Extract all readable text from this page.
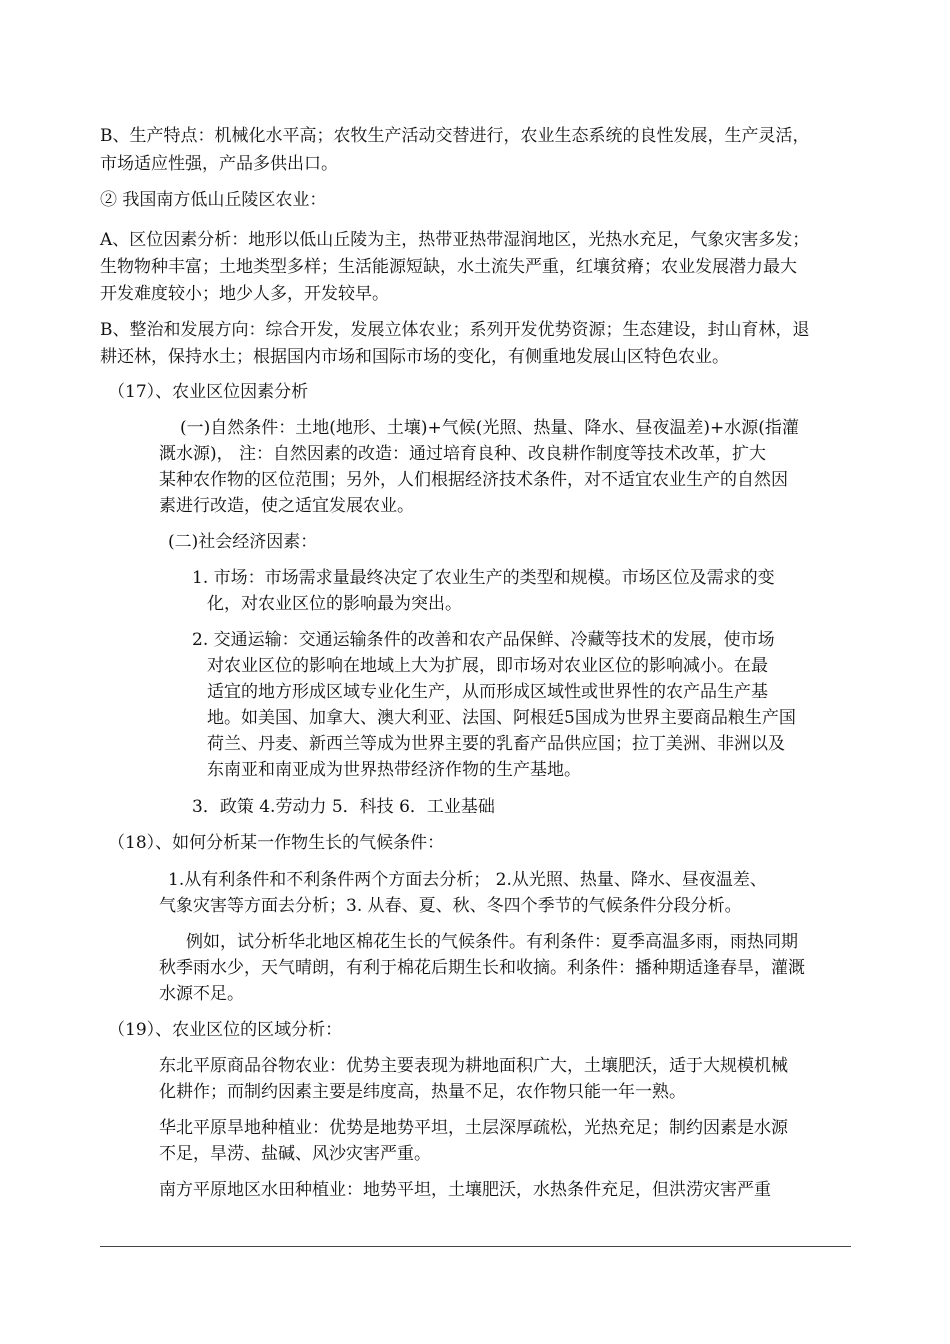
B、生产特点：机械化水平高；农牧生产活动交替进行，农业生态系统的良性发展，生产灵活，
市场适应性强，产品多供出口。
② 我国南方低山丘陵区农业：
A、区位因素分析：地形以低山丘陵为主，热带亚热带湿润地区，光热水充足，气象灾害多发；
生物物种丰富；土地类型多样；生活能源短缺，水土流失严重，红壤贫瘠；农业发展潜力最大
开发难度较小；地少人多，开发较早。
B、整治和发展方向：综合开发，发展立体农业；系列开发优势资源；生态建设，封山育林，退
耕还林，保持水土；根据国内市场和国际市场的变化，有侧重地发展山区特色农业。
（17）、农业区位因素分析
(一)自然条件：土地(地形、土壤)+气候(光照、热量、降水、昼夜温差)+水源(指灌
溉水源)， 注：自然因素的改造：通过培育良种、改良耕作制度等技术改革，扩大
某种农作物的区位范围；另外，人们根据经济技术条件，对不适宜农业生产的自然因
素进行改造，使之适宜发展农业。
(二)社会经济因素：
1. 市场：市场需求量最终决定了农业生产的类型和规模。市场区位及需求的变
化，对农业区位的影响最为突出。
2. 交通运输：交通运输条件的改善和农产品保鲜、冷藏等技术的发展，使市场
对农业区位的影响在地域上大为扩展，即市场对农业区位的影响减小。在最
适宜的地方形成区域专业化生产，从而形成区域性或世界性的农产品生产基
地。如美国、加拿大、澳大利亚、法国、阿根廷5国成为世界主要商品粮生产国
荷兰、丹麦、新西兰等成为世界主要的乳畜产品供应国；拉丁美洲、非洲以及
东南亚和南亚成为世界热带经济作物的生产基地。
3．政策 4.劳动力 5．科技 6．工业基础
（18）、如何分析某一作物生长的气候条件：
1.从有利条件和不利条件两个方面去分析； 2.从光照、热量、降水、昼夜温差、
气象灾害等方面去分析；3. 从春、夏、秋、冬四个季节的气候条件分段分析。
例如，试分析华北地区棉花生长的气候条件。有利条件：夏季高温多雨，雨热同期
秋季雨水少，天气晴朗，有利于棉花后期生长和收摘。利条件：播种期适逢春旱，灌溉
水源不足。
（19）、农业区位的区域分析：
东北平原商品谷物农业：优势主要表现为耕地面积广大，土壤肥沃，适于大规模机械
化耕作；而制约因素主要是纬度高，热量不足，农作物只能一年一熟。
华北平原旱地种植业：优势是地势平坦，土层深厚疏松，光热充足；制约因素是水源
不足，旱涝、盐碱、风沙灾害严重。
南方平原地区水田种植业：地势平坦，土壤肥沃，水热条件充足，但洪涝灾害严重
